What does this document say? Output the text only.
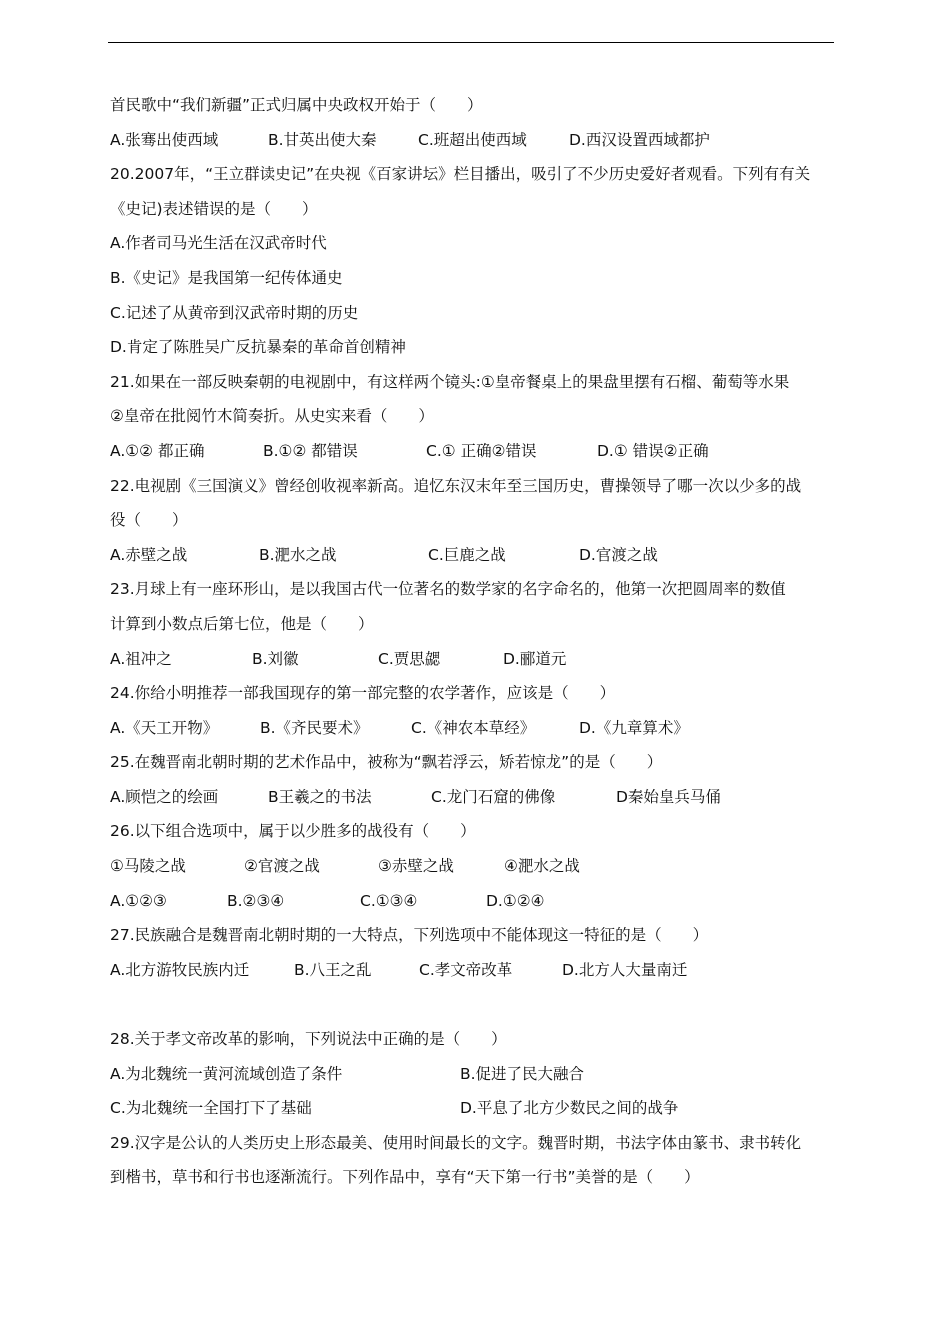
首民歌中“我们新疆”正式归属中央政权开始于（　　）
A.张骞出使西域	B.甘英出使大秦	C.班超出使西域	D.西汉设置西域都护
20.2007年，“王立群读史记”在央视《百家讲坛》栏目播出，吸引了不少历史爱好者观看。下列有有关
《史记)表述错误的是（　　）
A.作者司马光生活在汉武帝时代
B.《史记》是我国第一纪传体通史
C.记述了从黄帝到汉武帝时期的历史
D.肯定了陈胜吴广反抗暴秦的革命首创精神
21.如果在一部反映秦朝的电视剧中，有这样两个镜头:①皇帝餐桌上的果盘里摆有石榴、葡萄等水果
②皇帝在批阅竹木简奏折。从史实来看（　　）
A.①② 都正确	B.①② 都错误	C.① 正确②错误	D.① 错误②正确
22.电视剧《三国演义》曾经创收视率新高。追忆东汉末年至三国历史，曹操领导了哪一次以少多的战
役（　　）
A.赤壁之战	B.淝水之战	C.巨鹿之战	D.官渡之战
23.月球上有一座环形山，是以我国古代一位著名的数学家的名字命名的，他第一次把圆周率的数值
计算到小数点后第七位，他是（　　）
A.祖冲之	B.刘徽	C.贾思勰	D.郦道元
24.你给小明推荐一部我国现存的第一部完整的农学著作，应该是（　　）
A.《天工开物》	B.《齐民要术》	C.《神农本草经》	D.《九章算术》
25.在魏晋南北朝时期的艺术作品中，被称为“飘若浮云，矫若惊龙”的是（　　）
A.顾恺之的绘画	B王羲之的书法	C.龙门石窟的佛像	D秦始皇兵马俑
26.以下组合选项中，属于以少胜多的战役有（　　）
①马陵之战	②官渡之战	③赤壁之战	④淝水之战
A.①②③	B.②③④	C.①③④	D.①②④
27.民族融合是魏晋南北朝时期的一大特点，下列选项中不能体现这一特征的是（　　）
A.北方游牧民族内迁	B.八王之乱	C.孝文帝改革	D.北方人大量南迁
28.关于孝文帝改革的影响，下列说法中正确的是（　　）
A.为北魏统一黄河流域创造了条件	B.促进了民大融合
C.为北魏统一全国打下了基础	D.平息了北方少数民之间的战争
29.汉字是公认的人类历史上形态最美、使用时间最长的文字。魏晋时期，书法字体由篆书、隶书转化
到楷书，草书和行书也逐渐流行。下列作品中，享有“天下第一行书”美誉的是（　　）
